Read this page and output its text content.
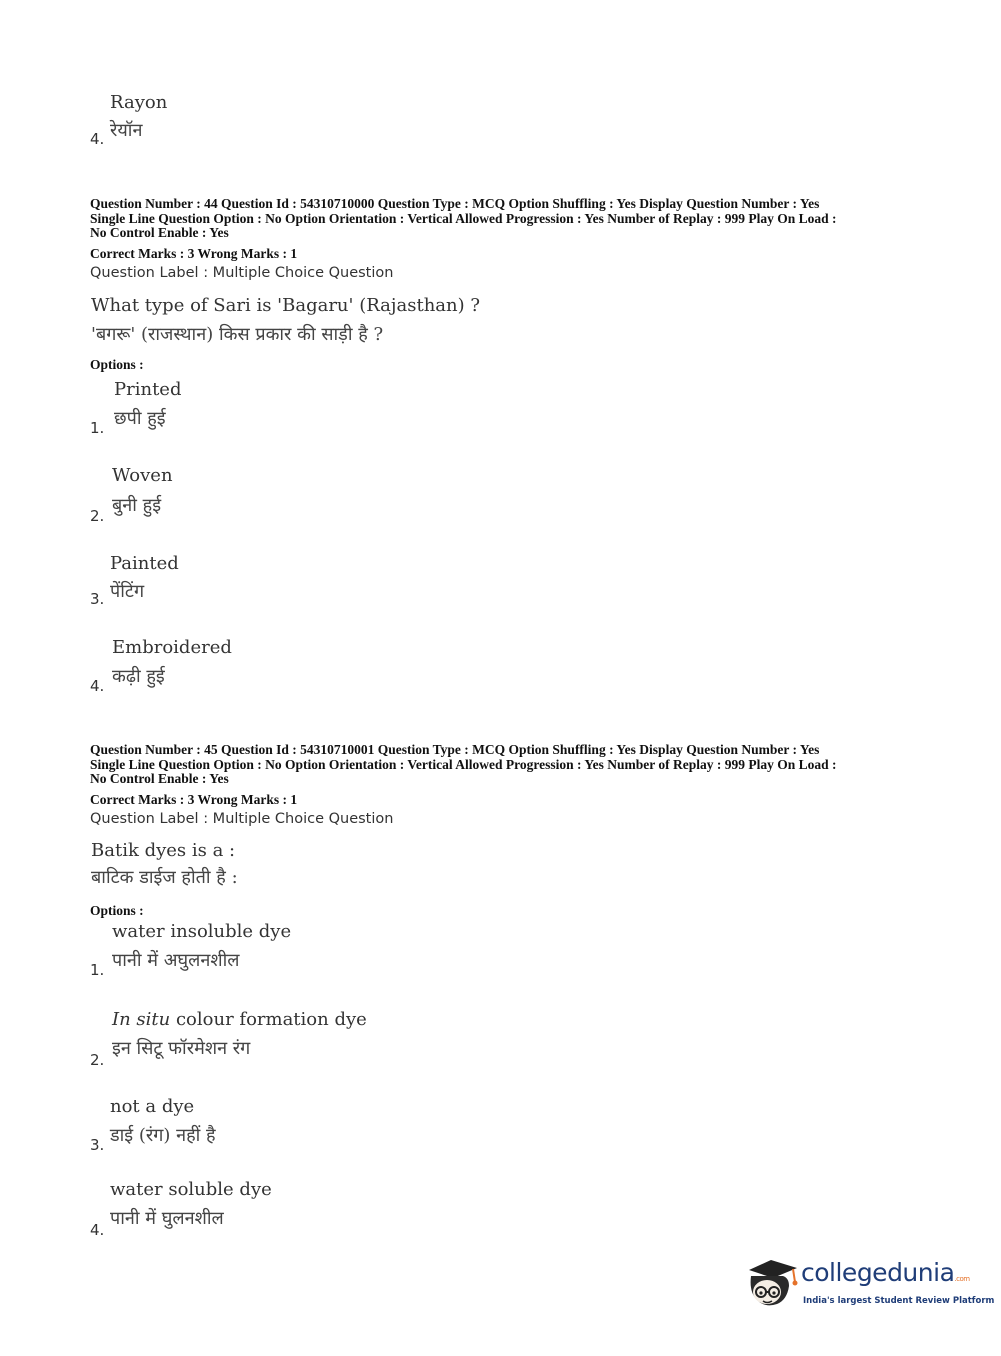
Rayon
रेयॉन
4.
Question Number : 44 Question Id : 54310710000 Question Type : MCQ Option Shuffling : Yes Display Question Number : Yes
Single Line Question Option : No Option Orientation : Vertical Allowed Progression : Yes Number of Replay : 999 Play On Load :
No Control Enable : Yes
Correct Marks : 3 Wrong Marks : 1
Question Label : Multiple Choice Question
What type of Sari is 'Bagaru' (Rajasthan) ?
'बगरू' (राजस्थान) किस प्रकार की साड़ी है ?
Options :
Printed
छपी हुई
1.
Woven
बुनी हुई
2.
Painted
पेंटिंग
3.
Embroidered
कढ़ी हुई
4.
Question Number : 45 Question Id : 54310710001 Question Type : MCQ Option Shuffling : Yes Display Question Number : Yes
Single Line Question Option : No Option Orientation : Vertical Allowed Progression : Yes Number of Replay : 999 Play On Load :
No Control Enable : Yes
Correct Marks : 3 Wrong Marks : 1
Question Label : Multiple Choice Question
Batik dyes is a :
बाटिक डाईज होती है :
Options :
water insoluble dye
पानी में अघुलनशील
1.
In situ colour formation dye
इन सिटू फॉरमेशन रंग
2.
not a dye
डाई (रंग) नहीं है
3.
water soluble dye
पानी में घुलनशील
4.
collegedunia.com
India's largest Student Review Platform
